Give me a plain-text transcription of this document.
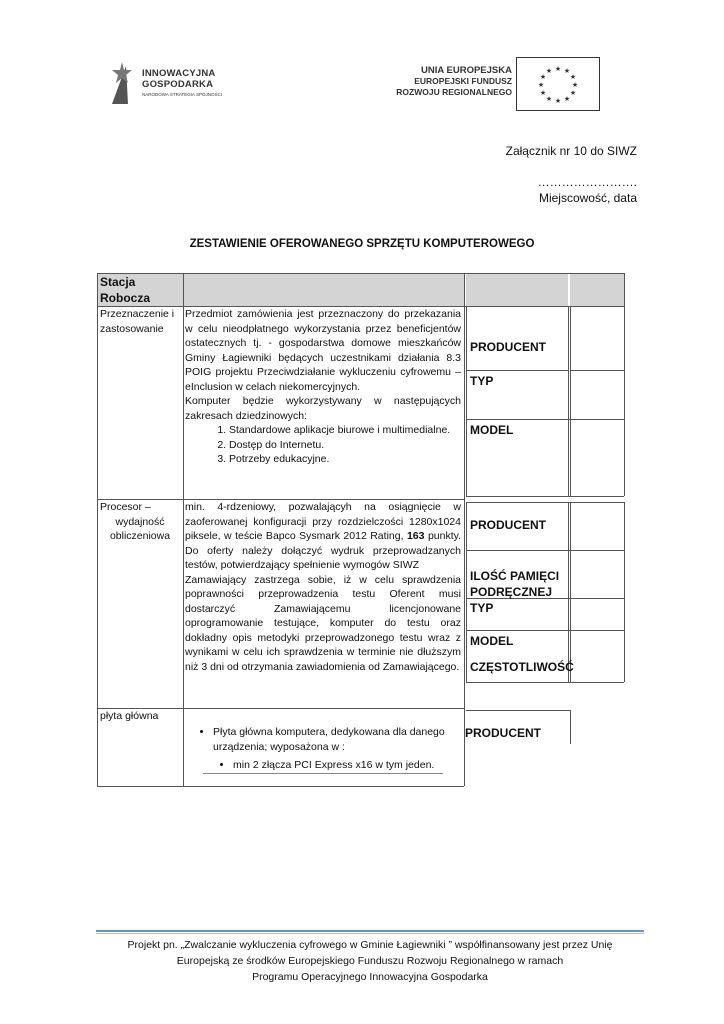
INNOWACYJNA
GOSPODARKA
NARODOWA STRATEGIA SPÓJNOŚCI
UNIA EUROPEJSKA
EUROPEJSKI FUNDUSZ
ROZWOJU REGIONALNEGO
★ ★
★
★
★
★
★
★
★
★
★
★
Załącznik nr 10 do SIWZ
…………………….
Miejscowość, data
ZESTAWIENIE OFEROWANEGO SPRZĘTU KOMPUTEROWEGO
Stacja Robocza
Przeznaczenie i zastosowanie
Przedmiot zamówienia jest przeznaczony do przekazania w celu nieodpłatnego wykorzystania przez beneficjentów ostatecznych tj. - gospodarstwa domowe mieszkańców Gminy Łagiewniki będących uczestnikami działania 8.3 POIG projektu Przeciwdziałanie wykluczeniu cyfrowemu – eInclusion w celach niekomercyjnych.
Komputer będzie wykorzystywany w następujących zakresach dziedzinowych:
1. Standardowe aplikacje biurowe i multimedialne.
2. Dostęp do Internetu.
3. Potrzeby edukacyjne.
PRODUCENT
TYP
MODEL
Procesor –
wydajność obliczeniowa
min. 4-rdzeniowy, pozwalającyh na osiągnięcie w zaoferowanej konfiguracji przy rozdzielczości 1280x1024 piksele, w teście Bapco Sysmark 2012 Rating, 163 punkty. Do oferty należy dołączyć wydruk przeprowadzanych testów, potwierdzający spełnienie wymogów SIWZ
Zamawiający zastrzega sobie, iż w celu sprawdzenia poprawności przeprowadzenia testu Oferent musi dostarczyć Zamawiającemu licencjonowane oprogramowanie testujące, komputer do testu oraz dokładny opis metodyki przeprowadzonego testu wraz z wynikami w celu ich sprawdzenia w terminie nie dłuższym niż 3 dni od otrzymania zawiadomienia od Zamawiającego.
PRODUCENT
ILOŚĆ PAMIĘCI PODRĘCZNEJ
TYP
MODEL
CZĘSTOTLIWOŚĆ
płyta główna
• Płyta główna komputera, dedykowana dla danego urządzenia; wyposażona w :
• min 2 złącza PCI Express x16 w tym jeden.
PRODUCENT
Projekt pn. „Zwalczanie wykluczenia cyfrowego w Gminie Łagiewniki ” współfinansowany jest przez Unię
Europejską ze środków Europejskiego Funduszu Rozwoju Regionalnego w ramach
Programu Operacyjnego Innowacyjna Gospodarka
